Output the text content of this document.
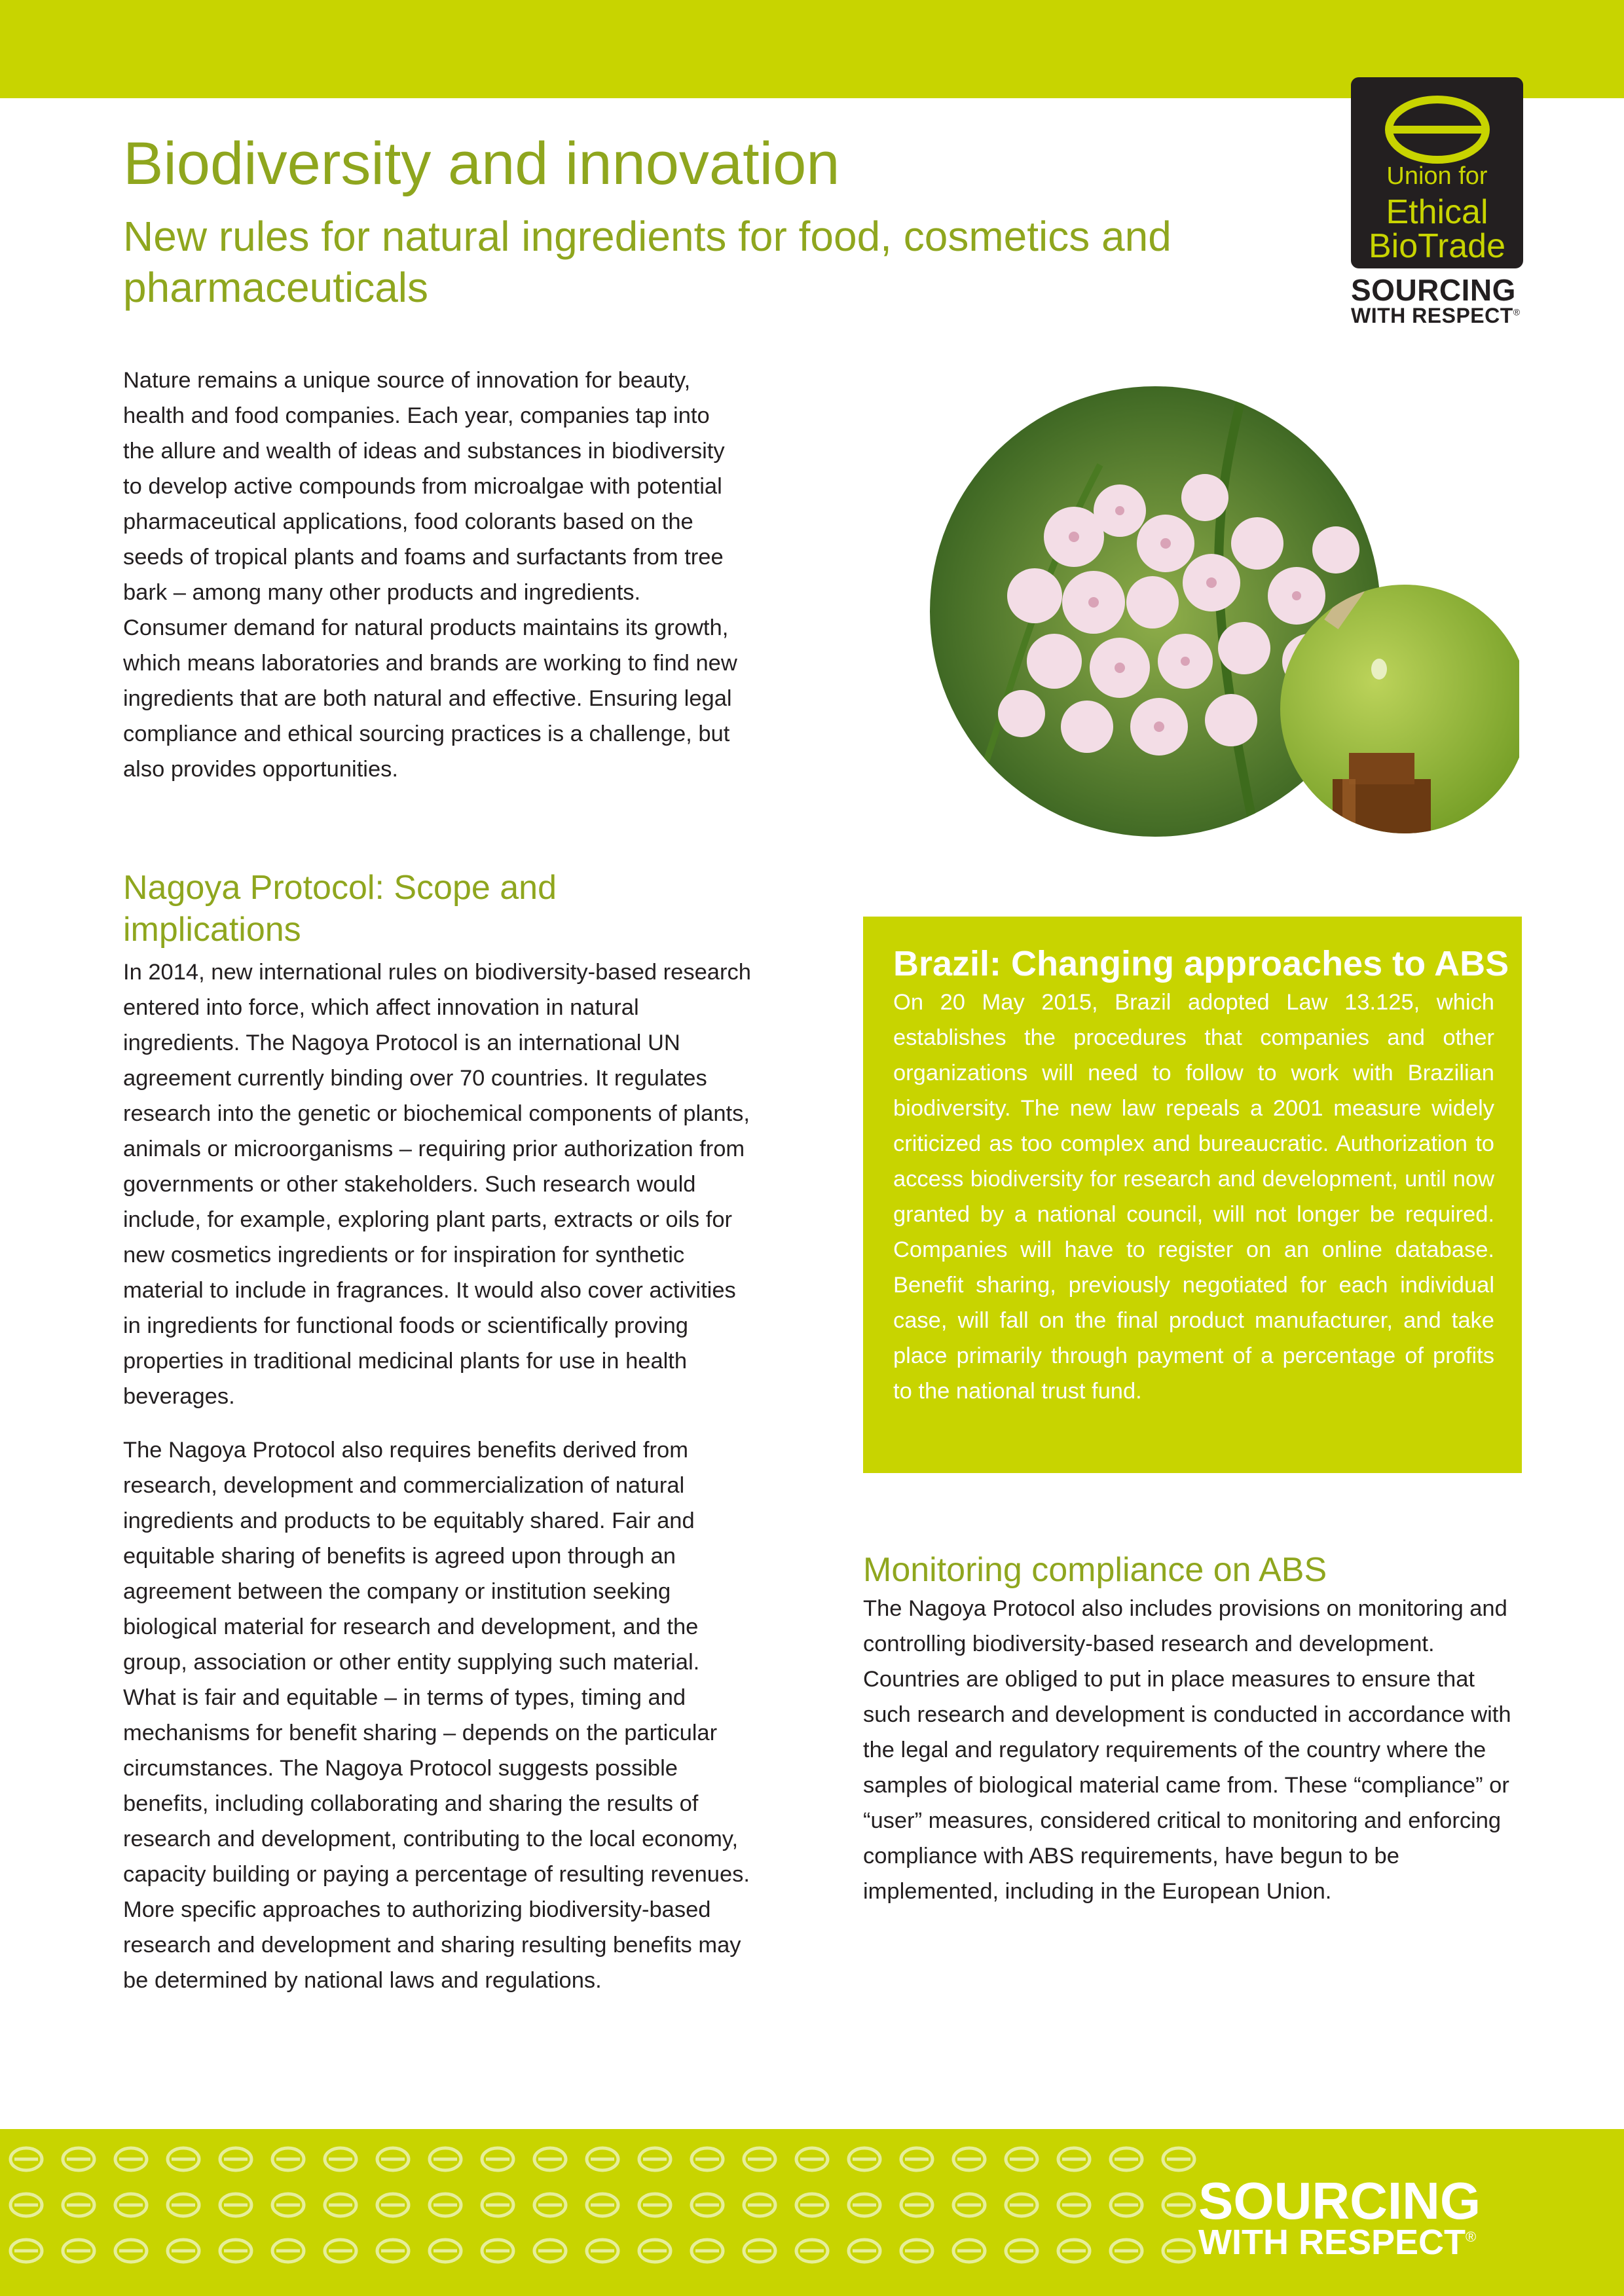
Union for
Ethical
BioTrade
SOURCING
WITH RESPECT®
Biodiversity and innovation

New rules for natural ingredients for food, cosmetics and pharmaceuticals

Nature remains a unique source of innovation for beauty, health and food companies. Each year, companies tap into the allure and wealth of ideas and substances in biodiversity to develop active compounds from microalgae with potential pharmaceutical applications, food colorants based on the seeds of tropical plants and foams and surfactants from tree bark – among many other products and ingredients. Consumer demand for natural products maintains its growth, which means laboratories and brands are working to find new ingredients that are both natural and effective. Ensuring legal compliance and ethical sourcing practices is a challenge, but also provides opportunities.

Nagoya Protocol: Scope and implications

In 2014, new international rules on biodiversity-based research entered into force, which affect innovation in natural ingredients. The Nagoya Protocol is an international UN agreement currently binding over 70 countries. It regulates research into the genetic or biochemical components of plants, animals or microorganisms – requiring prior authorization from governments or other stakeholders. Such research would include, for example, exploring plant parts, extracts or oils for new cosmetics ingredients or for inspiration for synthetic material to include in fragrances. It would also cover activities in ingredients for functional foods or scientifically proving properties in traditional medicinal plants for use in health beverages.

The Nagoya Protocol also requires benefits derived from research, development and commercialization of natural ingredients and products to be equitably shared. Fair and equitable sharing of benefits is agreed upon through an agreement between the company or institution seeking biological material for research and development, and the group, association or other entity supplying such material. What is fair and equitable – in terms of types, timing and mechanisms for benefit sharing – depends on the particular circumstances. The Nagoya Protocol suggests possible benefits, including collaborating and sharing the results of research and development, contributing to the local economy, capacity building or paying a percentage of resulting revenues. More specific approaches to authorizing biodiversity-based research and development and sharing resulting benefits may be determined by national laws and regulations.

Brazil: Changing approaches to ABS
On 20 May 2015, Brazil adopted Law 13.125, which establishes the procedures that companies and other organizations will need to follow to work with Brazilian biodiversity. The new law repeals a 2001 measure widely criticized as too complex and bureaucratic. Authorization to access biodiversity for research and development, until now granted by a national council, will not longer be required. Companies will have to register on an online database. Benefit sharing, previously negotiated for each individual case, will fall on the final product manufacturer, and take place primarily through payment of a percentage of profits to the national trust fund.
Monitoring compliance on ABS

The Nagoya Protocol also includes provisions on monitoring and controlling biodiversity-based research and development. Countries are obliged to put in place measures to ensure that such research and development is conducted in accordance with the legal and regulatory requirements of the country where the samples of biological material came from. These “compliance” or “user” measures, considered critical to monitoring and enforcing compliance with ABS requirements, have begun to be implemented, including in the European Union.

SOURCING
WITH RESPECT®
